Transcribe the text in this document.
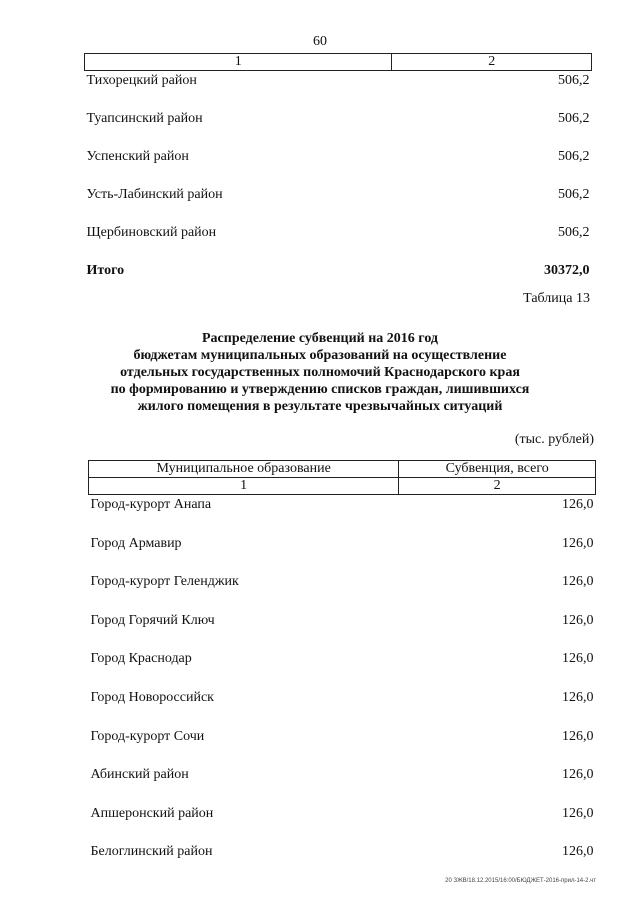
60
1	2
Тихорецкий район	506,2
Туапсинский район	506,2
Успенский район	506,2
Усть-Лабинский район	506,2
Щербиновский район	506,2
Итого	30372,0
Таблица 13
Распределение субвенций на 2016 год
бюджетам муниципальных образований на осуществление
отдельных государственных полномочий Краснодарского края
по формированию и утверждению списков граждан, лишившихся
жилого помещения в результате чрезвычайных ситуаций
(тыс. рублей)
Муниципальное образование	Субвенция, всего
1	2
Город-курорт Анапа	126,0
Город Армавир	126,0
Город-курорт Геленджик	126,0
Город Горячий Ключ	126,0
Город Краснодар	126,0
Город Новороссийск	126,0
Город-курорт Сочи	126,0
Абинский район	126,0
Апшеронский район	126,0
Белоглинский район	126,0
20 ЗЖВ/18.12.2015/16:00/БЮДЖЕТ-2016-прил-14-2.чт
